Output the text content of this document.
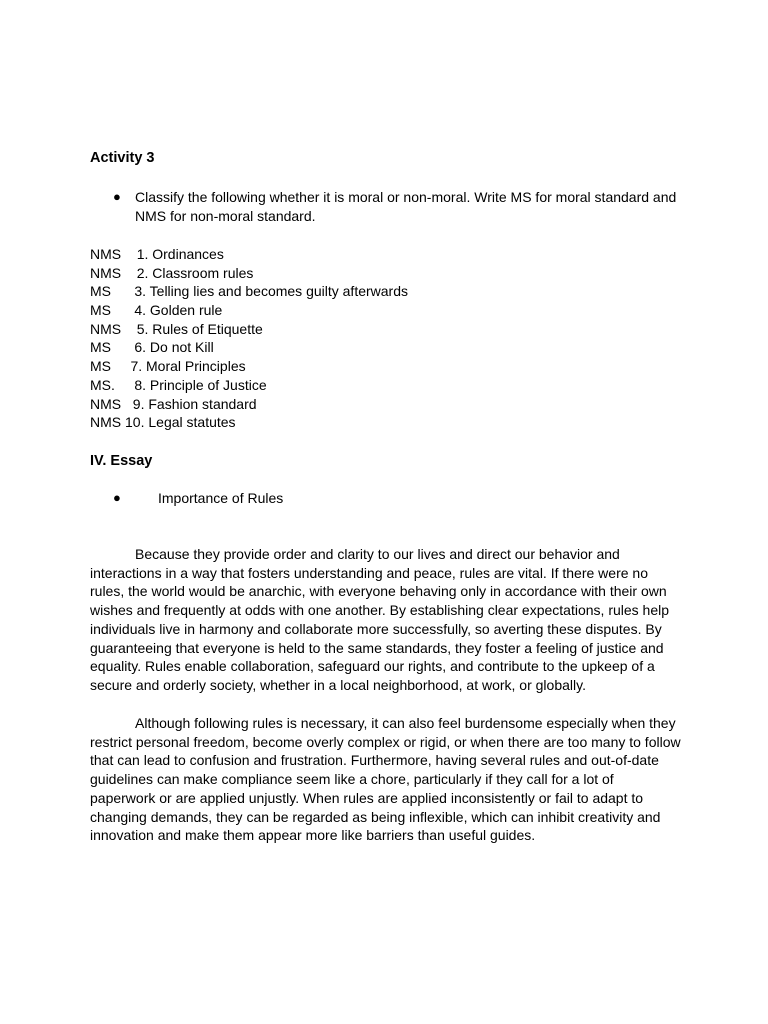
Activity 3
●	Classify the following whether it is moral or non-moral. Write MS for moral standard and NMS for non-moral standard.
NMS 1. Ordinances
NMS 2. Classroom rules
MS 3. Telling lies and becomes guilty afterwards
MS 4. Golden rule
NMS 5. Rules of Etiquette
MS 6. Do not Kill
MS 7. Moral Principles
MS. 8. Principle of Justice
NMS 9. Fashion standard
NMS 10. Legal statutes
IV. Essay
●	Importance of Rules

Because they provide order and clarity to our lives and direct our behavior and interactions in a way that fosters understanding and peace, rules are vital. If there were no rules, the world would be anarchic, with everyone behaving only in accordance with their own wishes and frequently at odds with one another. By establishing clear expectations, rules help individuals live in harmony and collaborate more successfully, so averting these disputes. By guaranteeing that everyone is held to the same standards, they foster a feeling of justice and equality. Rules enable collaboration, safeguard our rights, and contribute to the upkeep of a secure and orderly society, whether in a local neighborhood, at work, or globally.

Although following rules is necessary, it can also feel burdensome especially when they restrict personal freedom, become overly complex or rigid, or when there are too many to follow that can lead to confusion and frustration. Furthermore, having several rules and out-of-date guidelines can make compliance seem like a chore, particularly if they call for a lot of paperwork or are applied unjustly. When rules are applied inconsistently or fail to adapt to changing demands, they can be regarded as being inflexible, which can inhibit creativity and innovation and make them appear more like barriers than useful guides.
